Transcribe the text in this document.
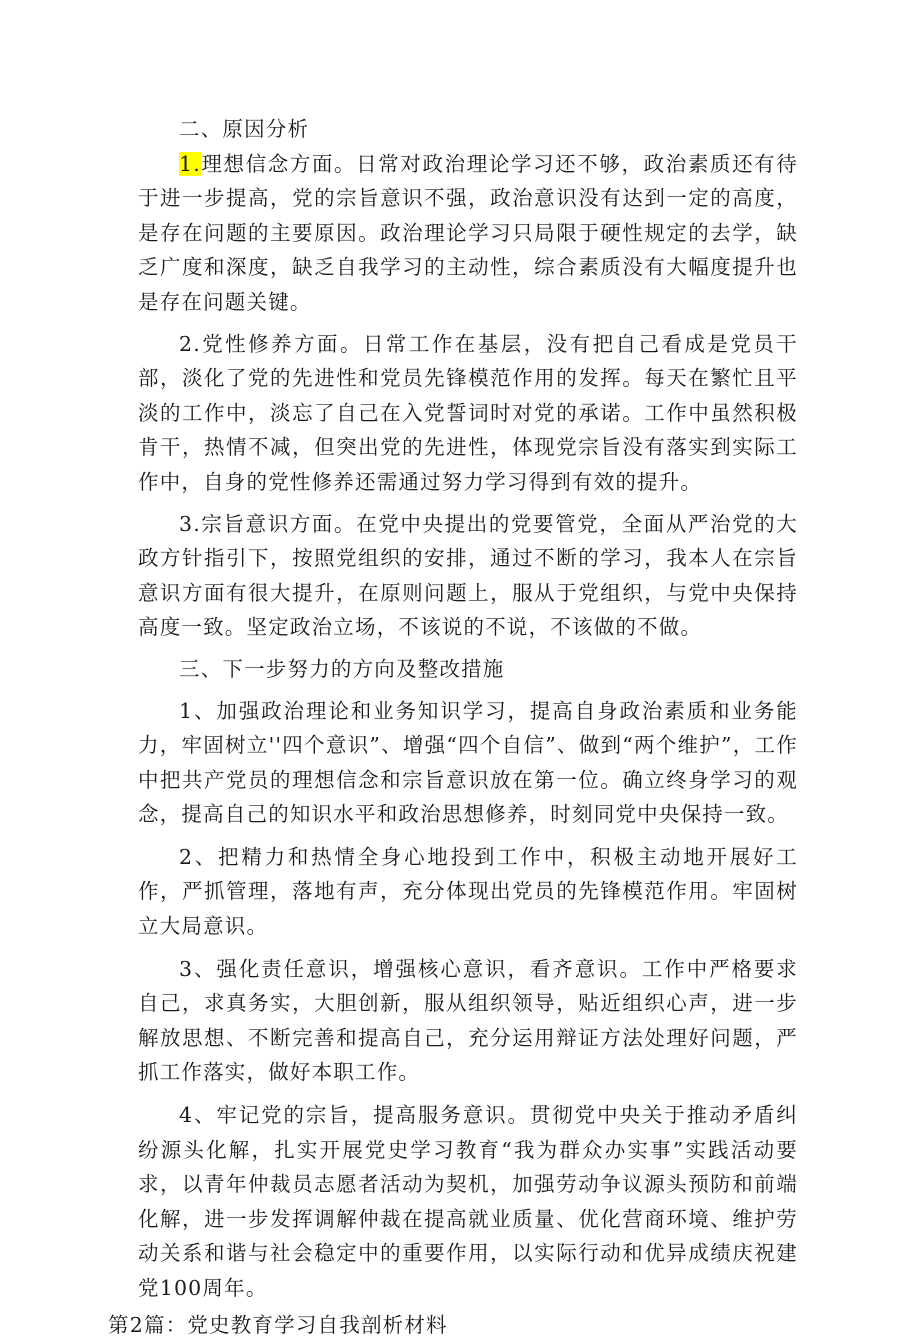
二、原因分析

1.理想信念方面。日常对政治理论学习还不够，政治素质还有待于进一步提高，党的宗旨意识不强，政治意识没有达到一定的高度，是存在问题的主要原因。政治理论学习只局限于硬性规定的去学，缺乏广度和深度，缺乏自我学习的主动性，综合素质没有大幅度提升也是存在问题关键。

2.党性修养方面。日常工作在基层，没有把自己看成是党员干部，淡化了党的先进性和党员先锋模范作用的发挥。每天在繁忙且平淡的工作中，淡忘了自己在入党誓词时对党的承诺。工作中虽然积极肯干，热情不减，但突出党的先进性，体现党宗旨没有落实到实际工作中，自身的党性修养还需通过努力学习得到有效的提升。

3.宗旨意识方面。在党中央提出的党要管党，全面从严治党的大政方针指引下，按照党组织的安排，通过不断的学习，我本人在宗旨意识方面有很大提升，在原则问题上，服从于党组织，与党中央保持高度一致。坚定政治立场，不该说的不说，不该做的不做。

三、下一步努力的方向及整改措施

1、加强政治理论和业务知识学习，提高自身政治素质和业务能力，牢固树立''四个意识”、增强“四个自信”、做到“两个维护”，工作中把共产党员的理想信念和宗旨意识放在第一位。确立终身学习的观念，提高自己的知识水平和政治思想修养，时刻同党中央保持一致。

2、把精力和热情全身心地投到工作中，积极主动地开展好工作，严抓管理，落地有声，充分体现出党员的先锋模范作用。牢固树立大局意识。

3、强化责任意识，增强核心意识，看齐意识。工作中严格要求自己，求真务实，大胆创新，服从组织领导，贴近组织心声，进一步解放思想、不断完善和提高自己，充分运用辩证方法处理好问题，严抓工作落实，做好本职工作。

4、牢记党的宗旨，提高服务意识。贯彻党中央关于推动矛盾纠纷源头化解，扎实开展党史学习教育“我为群众办实事”实践活动要求，以青年仲裁员志愿者活动为契机，加强劳动争议源头预防和前端化解，进一步发挥调解仲裁在提高就业质量、优化营商环境、维护劳动关系和谐与社会稳定中的重要作用，以实际行动和优异成绩庆祝建党100周年。

第2篇：党史教育学习自我剖析材料
